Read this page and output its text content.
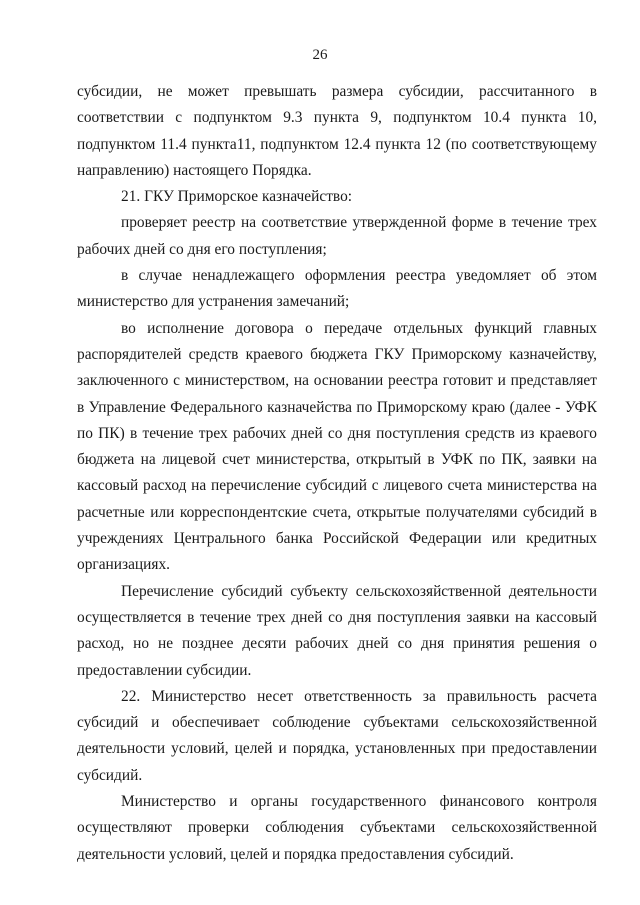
26

субсидии, не может превышать размера субсидии, рассчитанного в соответствии с подпунктом 9.3 пункта 9, подпунктом 10.4 пункта 10, подпунктом 11.4 пункта11, подпунктом 12.4 пункта 12 (по соответствующему направлению) настоящего Порядка.

21. ГКУ Приморское казначейство:

проверяет реестр на соответствие утвержденной форме в течение трех рабочих дней со дня его поступления;

в случае ненадлежащего оформления реестра уведомляет об этом министерство для устранения замечаний;

во исполнение договора о передаче отдельных функций главных распорядителей средств краевого бюджета ГКУ Приморскому казначейству, заключенного с министерством, на основании реестра готовит и представляет в Управление Федерального казначейства по Приморскому краю (далее - УФК по ПК) в течение трех рабочих дней со дня поступления средств из краевого бюджета на лицевой счет министерства, открытый в УФК по ПК, заявки на кассовый расход на перечисление субсидий с лицевого счета министерства на расчетные или корреспондентские счета, открытые получателями субсидий в учреждениях Центрального банка Российской Федерации или кредитных организациях.

Перечисление субсидий субъекту сельскохозяйственной деятельности осуществляется в течение трех дней со дня поступления заявки на кассовый расход, но не позднее десяти рабочих дней со дня принятия решения о предоставлении субсидии.

22. Министерство несет ответственность за правильность расчета субсидий и обеспечивает соблюдение субъектами сельскохозяйственной деятельности условий, целей и порядка, установленных при предоставлении субсидий.

Министерство и органы государственного финансового контроля осуществляют проверки соблюдения субъектами сельскохозяйственной деятельности условий, целей и порядка предоставления субсидий.
